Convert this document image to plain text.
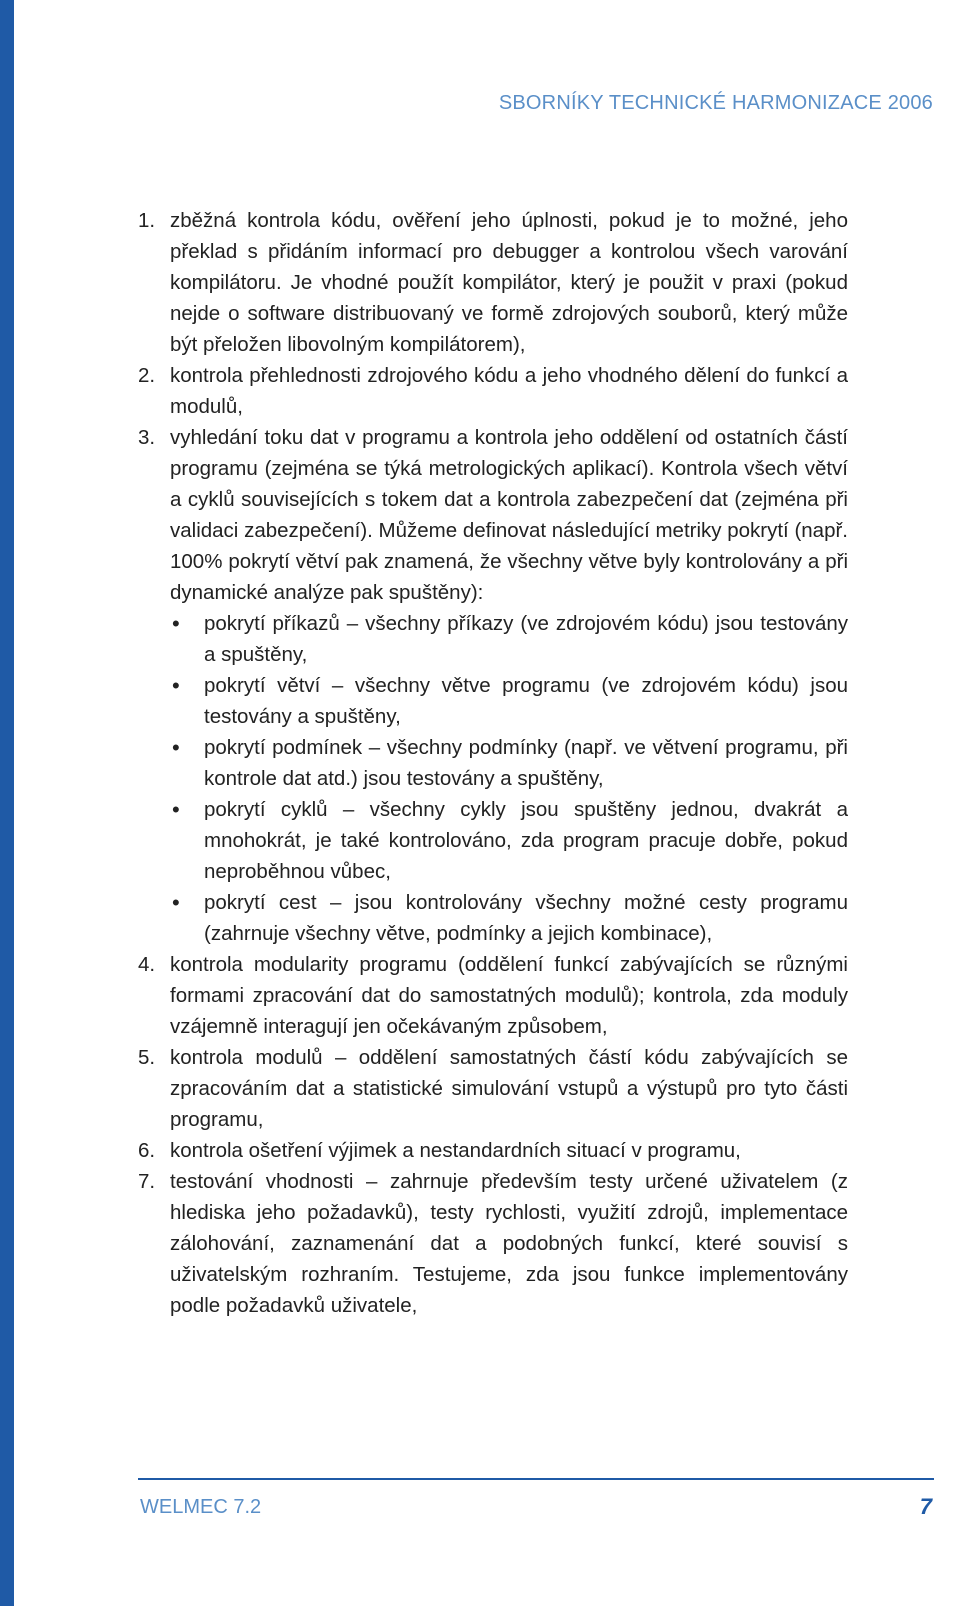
SBORNÍKY TECHNICKÉ HARMONIZACE 2006
1. zběžná kontrola kódu, ověření jeho úplnosti, pokud je to možné, jeho překlad s přidáním informací pro debugger a kontrolou všech varování kompilátoru. Je vhodné použít kompilátor, který je použit v praxi (pokud nejde o software distribuovaný ve formě zdrojových souborů, který může být přeložen libovolným kompilátorem),
2. kontrola přehlednosti zdrojového kódu a jeho vhodného dělení do funkcí a modulů,
3. vyhledání toku dat v programu a kontrola jeho oddělení od ostatních částí programu (zejména se týká metrologických aplikací). Kontrola všech větví a cyklů souvisejících s tokem dat a kontrola zabezpečení dat (zejména při validaci zabezpečení). Můžeme definovat následující metriky pokrytí (např. 100% pokrytí větví pak znamená, že všechny větve byly kontrolovány a při dynamické analýze pak spuštěny):
• pokrytí příkazů – všechny příkazy (ve zdrojovém kódu) jsou testovány a spuštěny,
• pokrytí větví – všechny větve programu (ve zdrojovém kódu) jsou testovány a spuštěny,
• pokrytí podmínek – všechny podmínky (např. ve větvení programu, při kontrole dat atd.) jsou testovány a spuštěny,
• pokrytí cyklů – všechny cykly jsou spuštěny jednou, dvakrát a mnohokrát, je také kontrolováno, zda program pracuje dobře, pokud neproběhnou vůbec,
• pokrytí cest – jsou kontrolovány všechny možné cesty programu (zahrnuje všechny větve, podmínky a jejich kombinace),
4. kontrola modularity programu (oddělení funkcí zabývajících se různými formami zpracování dat do samostatných modulů); kontrola, zda moduly vzájemně interagují jen očekávaným způsobem,
5. kontrola modulů – oddělení samostatných částí kódu zabývajících se zpracováním dat a statistické simulování vstupů a výstupů pro tyto části programu,
6. kontrola ošetření výjimek a nestandardních situací v programu,
7. testování vhodnosti – zahrnuje především testy určené uživatelem (z hlediska jeho požadavků), testy rychlosti, využití zdrojů, implementace zálohování, zaznamenání dat a podobných funkcí, které souvisí s uživatelským rozhraním. Testujeme, zda jsou funkce implementovány podle požadavků uživatele,
WELMEC 7.2	7
